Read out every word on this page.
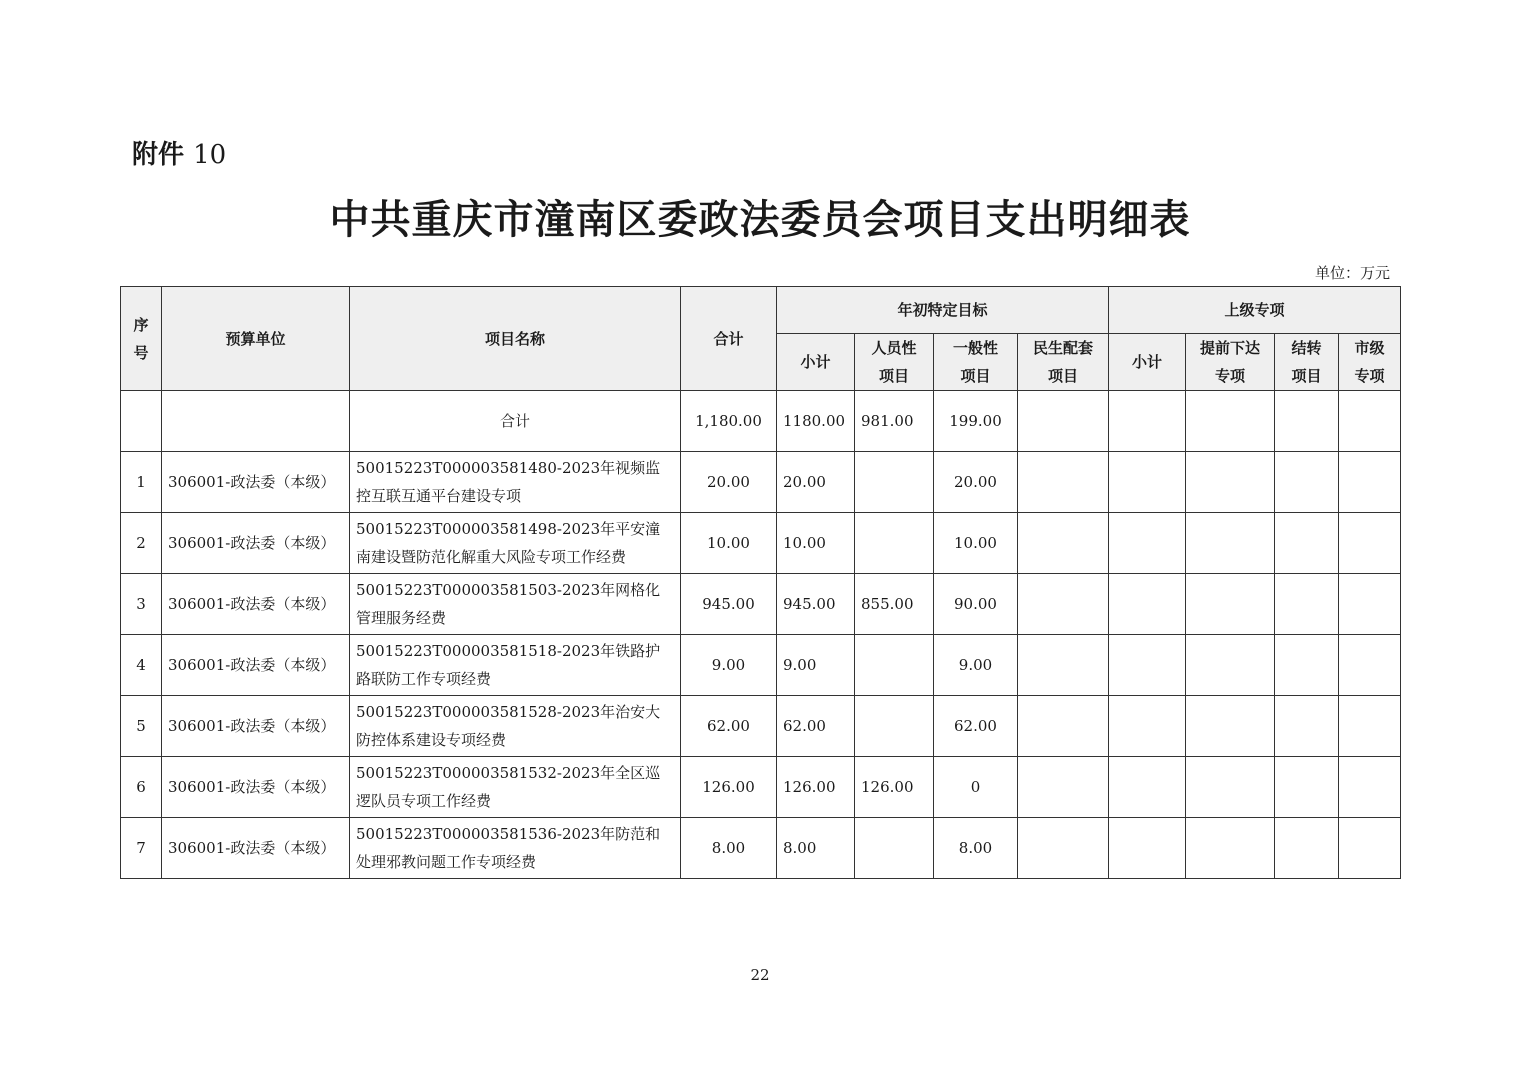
附件 10
中共重庆市潼南区委政法委员会项目支出明细表
单位：万元
序号	预算单位	项目名称	合计	年初特定目标				上级专项			
				小计	人员性项目	一般性项目	民生配套项目	小计	提前下达专项	结转项目	市级专项
		合计	1,180.00	1180.00	981.00	199.00					
1	306001-政法委（本级）	50015223T000003581480-2023年视频监控互联互通平台建设专项	20.00	20.00		20.00					
2	306001-政法委（本级）	50015223T000003581498-2023年平安潼南建设暨防范化解重大风险专项工作经费	10.00	10.00		10.00					
3	306001-政法委（本级）	50015223T000003581503-2023年网格化管理服务经费	945.00	945.00	855.00	90.00					
4	306001-政法委（本级）	50015223T000003581518-2023年铁路护路联防工作专项经费	9.00	9.00		9.00					
5	306001-政法委（本级）	50015223T000003581528-2023年治安大防控体系建设专项经费	62.00	62.00		62.00					
6	306001-政法委（本级）	50015223T000003581532-2023年全区巡逻队员专项工作经费	126.00	126.00	126.00	0					
7	306001-政法委（本级）	50015223T000003581536-2023年防范和处理邪教问题工作专项经费	8.00	8.00		8.00					
22
